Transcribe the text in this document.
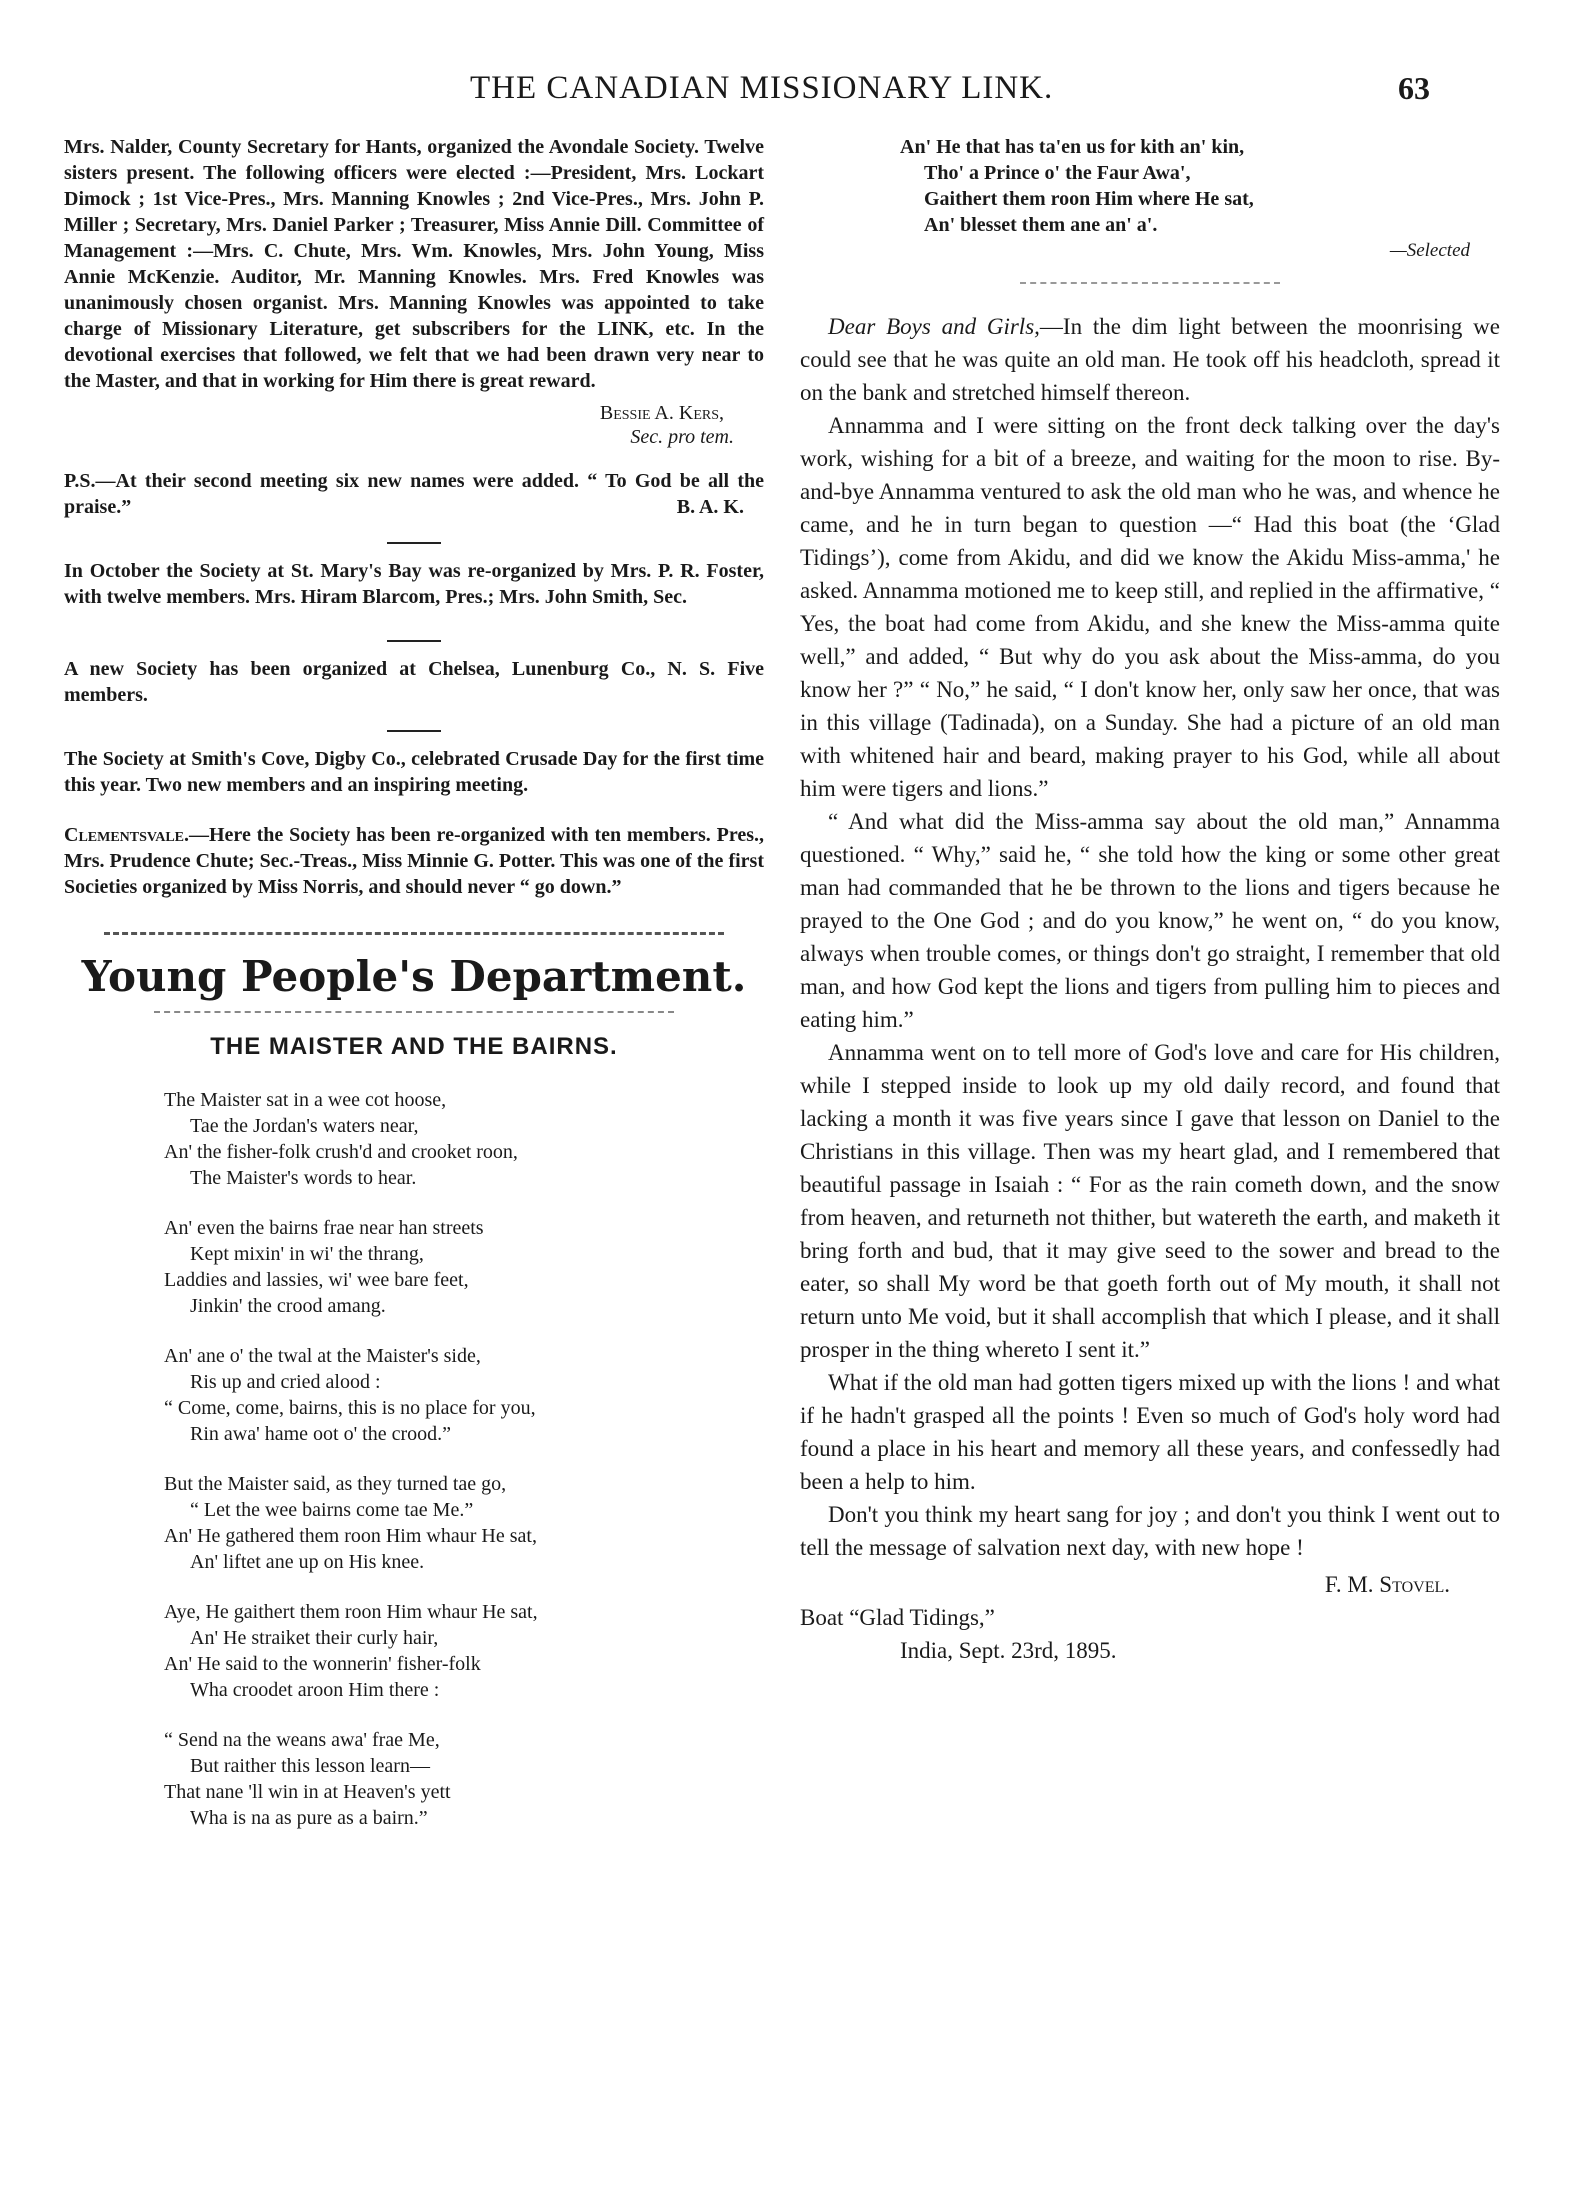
THE CANADIAN MISSIONARY LINK.	63

Mrs. Nalder, County Secretary for Hants, organized the Avondale Society. Twelve sisters present. The following officers were elected :—President, Mrs. Lockart Dimock ; 1st Vice-Pres., Mrs. Manning Knowles ; 2nd Vice-Pres., Mrs. John P. Miller ; Secretary, Mrs. Daniel Parker ; Treasurer, Miss Annie Dill. Committee of Management :—Mrs. C. Chute, Mrs. Wm. Knowles, Mrs. John Young, Miss Annie McKenzie. Auditor, Mr. Manning Knowles. Mrs. Fred Knowles was unanimously chosen organist. Mrs. Manning Knowles was appointed to take charge of Missionary Literature, get subscribers for the LINK, etc. In the devotional exercises that followed, we felt that we had been drawn very near to the Master, and that in working for Him there is great reward.

Bessie A. Kers,
Sec. pro tem.

P.S.—At their second meeting six new names were added. “ To God be all the praise.”	B. A. K.

In October the Society at St. Mary's Bay was re-organized by Mrs. P. R. Foster, with twelve members. Mrs. Hiram Blarcom, Pres.; Mrs. John Smith, Sec.

A new Society has been organized at Chelsea, Lunenburg Co., N. S. Five members.

The Society at Smith's Cove, Digby Co., celebrated Crusade Day for the first time this year. Two new members and an inspiring meeting.

Clementsvale.—Here the Society has been re-organized with ten members. Pres., Mrs. Prudence Chute; Sec.-Treas., Miss Minnie G. Potter. This was one of the first Societies organized by Miss Norris, and should never “ go down.”

Young People's Department.
THE MAISTER AND THE BAIRNS.
The Maister sat in a wee cot hoose,
Tae the Jordan's waters near,
An' the fisher-folk crush'd and crooket roon,
The Maister's words to hear.
An' even the bairns frae near han streets
Kept mixin' in wi' the thrang,
Laddies and lassies, wi' wee bare feet,
Jinkin' the crood amang.
An' ane o' the twal at the Maister's side,
Ris up and cried alood :
“ Come, come, bairns, this is no place for you,
Rin awa' hame oot o' the crood.”
But the Maister said, as they turned tae go,
“ Let the wee bairns come tae Me.”
An' He gathered them roon Him whaur He sat,
An' liftet ane up on His knee.
Aye, He gaithert them roon Him whaur He sat,
An' He straiket their curly hair,
An' He said to the wonnerin' fisher-folk
Wha croodet aroon Him there :
“ Send na the weans awa' frae Me,
But raither this lesson learn—
That nane 'll win in at Heaven's yett
Wha is na as pure as a bairn.”
An' He that has ta'en us for kith an' kin,
Tho' a Prince o' the Faur Awa',
Gaithert them roon Him where He sat,
An' blesset them ane an' a'.
—Selected

Dear Boys and Girls,—In the dim light between the moonrising we could see that he was quite an old man. He took off his headcloth, spread it on the bank and stretched himself thereon.

Annamma and I were sitting on the front deck talking over the day's work, wishing for a bit of a breeze, and waiting for the moon to rise. By-and-bye Annamma ventured to ask the old man who he was, and whence he came, and he in turn began to question —“ Had this boat (the ‘Glad Tidings’), come from Akidu, and did we know the Akidu Miss-amma,' he asked. Annamma motioned me to keep still, and replied in the affirmative, “ Yes, the boat had come from Akidu, and she knew the Miss-amma quite well,” and added, “ But why do you ask about the Miss-amma, do you know her ?” “ No,” he said, “ I don't know her, only saw her once, that was in this village (Tadinada), on a Sunday. She had a picture of an old man with whitened hair and beard, making prayer to his God, while all about him were tigers and lions.”

“ And what did the Miss-amma say about the old man,” Annamma questioned. “ Why,” said he, “ she told how the king or some other great man had commanded that he be thrown to the lions and tigers because he prayed to the One God ; and do you know,” he went on, “ do you know, always when trouble comes, or things don't go straight, I remember that old man, and how God kept the lions and tigers from pulling him to pieces and eating him.”

Annamma went on to tell more of God's love and care for His children, while I stepped inside to look up my old daily record, and found that lacking a month it was five years since I gave that lesson on Daniel to the Christians in this village. Then was my heart glad, and I remembered that beautiful passage in Isaiah : “ For as the rain cometh down, and the snow from heaven, and returneth not thither, but watereth the earth, and maketh it bring forth and bud, that it may give seed to the sower and bread to the eater, so shall My word be that goeth forth out of My mouth, it shall not return unto Me void, but it shall accomplish that which I please, and it shall prosper in the thing whereto I sent it.”

What if the old man had gotten tigers mixed up with the lions ! and what if he hadn't grasped all the points ! Even so much of God's holy word had found a place in his heart and memory all these years, and confessedly had been a help to him.

Don't you think my heart sang for joy ; and don't you think I went out to tell the message of salvation next day, with new hope !

F. M. Stovel.
Boat “Glad Tidings,”
India, Sept. 23rd, 1895.
